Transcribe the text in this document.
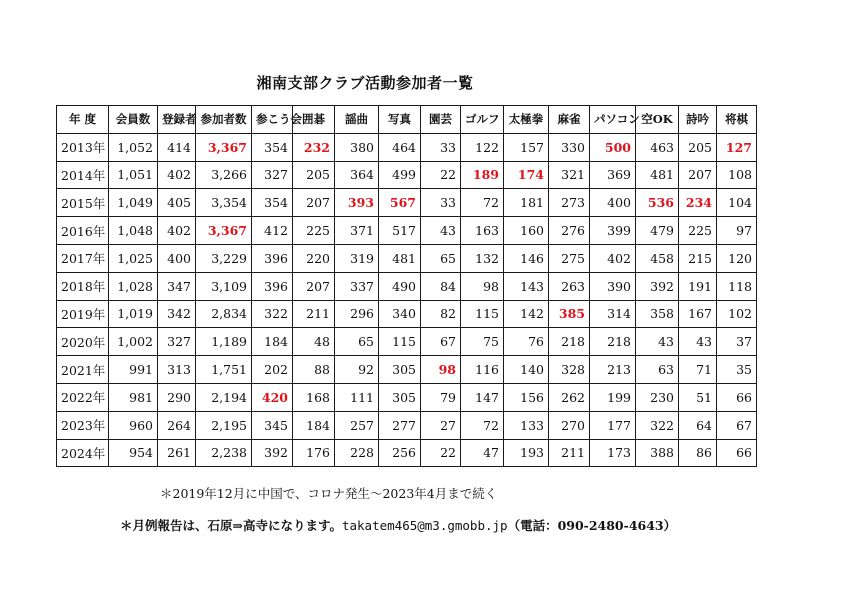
湘南支部クラブ活動参加者一覧
年 度	会員数	登録者	参加者数	参こう会	囲碁	謡曲	写真	園芸	ゴルフ	太極拳	麻雀	パソコン	空OK	詩吟	将棋
2013年	1,052	414	3,367	354	232	380	464	33	122	157	330	500	463	205	127
2014年	1,051	402	3,266	327	205	364	499	22	189	174	321	369	481	207	108
2015年	1,049	405	3,354	354	207	393	567	33	72	181	273	400	536	234	104
2016年	1,048	402	3,367	412	225	371	517	43	163	160	276	399	479	225	97
2017年	1,025	400	3,229	396	220	319	481	65	132	146	275	402	458	215	120
2018年	1,028	347	3,109	396	207	337	490	84	98	143	263	390	392	191	118
2019年	1,019	342	2,834	322	211	296	340	82	115	142	385	314	358	167	102
2020年	1,002	327	1,189	184	48	65	115	67	75	76	218	218	43	43	37
2021年	991	313	1,751	202	88	92	305	98	116	140	328	213	63	71	35
2022年	981	290	2,194	420	168	111	305	79	147	156	262	199	230	51	66
2023年	960	264	2,195	345	184	257	277	27	72	133	270	177	322	64	67
2024年	954	261	2,238	392	176	228	256	22	47	193	211	173	388	86	66
＊2019年12月に中国で、コロナ発生～2023年4月まで続く
＊月例報告は、石原⇒高寺になります。takatem465@m3.gmobb.jp（電話：090-2480-4643）
